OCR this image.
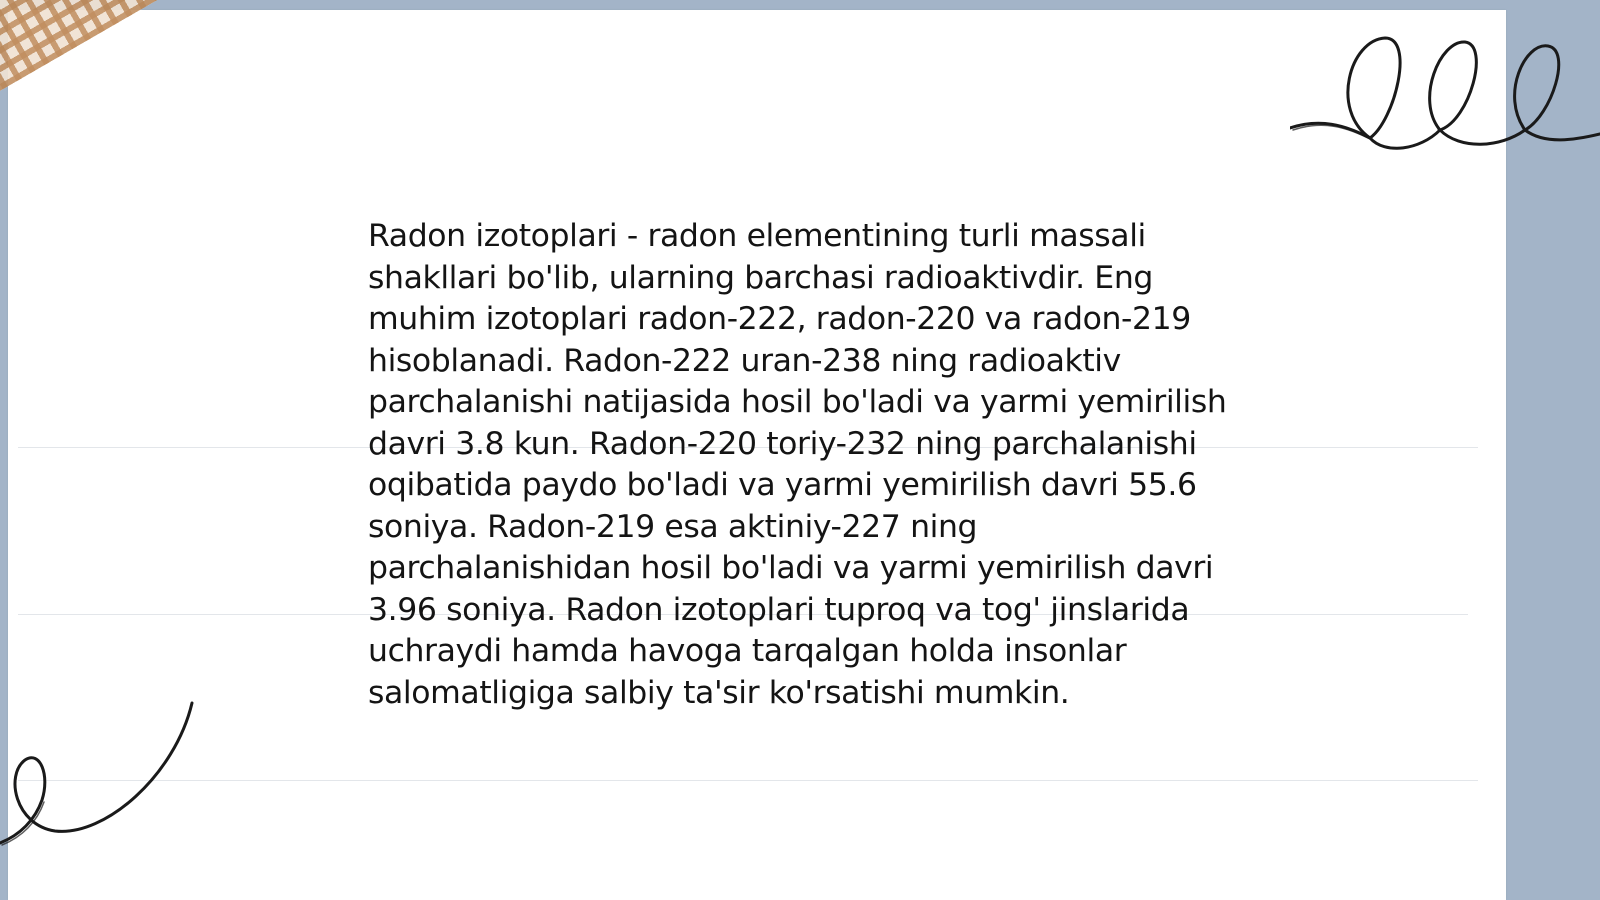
Radon izotoplari - radon elementining turli massali shakllari bo'lib, ularning barchasi radioaktivdir. Eng muhim izotoplari radon-222, radon-220 va radon-219 hisoblanadi. Radon-222 uran-238 ning radioaktiv parchalanishi natijasida hosil bo'ladi va yarmi yemirilish davri 3.8 kun. Radon-220 toriy-232 ning parchalanishi oqibatida paydo bo'ladi va yarmi yemirilish davri 55.6 soniya. Radon-219 esa aktiniy-227 ning parchalanishidan hosil bo'ladi va yarmi yemirilish davri 3.96 soniya. Radon izotoplari tuproq va tog' jinslarida uchraydi hamda havoga tarqalgan holda insonlar salomatligiga salbiy ta'sir ko'rsatishi mumkin.
